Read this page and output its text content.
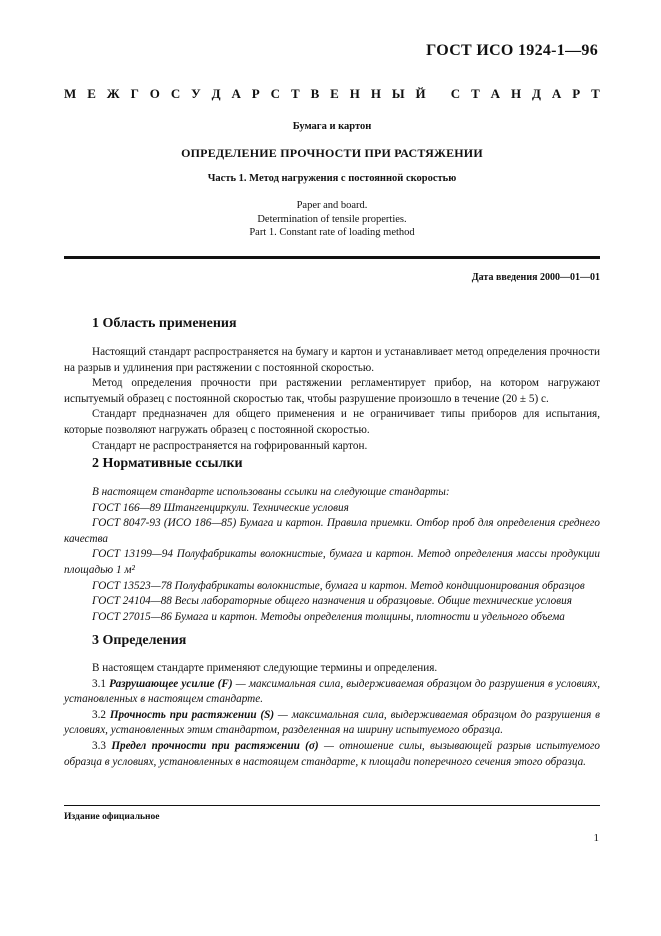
ГОСТ ИСО 1924-1—96
М Е Ж Г О С У Д А Р С Т В Е Н Н Ы Й
С Т А Н Д А Р Т
Бумага и картон
ОПРЕДЕЛЕНИЕ ПРОЧНОСТИ ПРИ РАСТЯЖЕНИИ
Часть 1. Метод нагружения с постоянной скоростью
Paper and board.
Determination of tensile properties.
Part 1. Constant rate of loading method
Дата введения 2000—01—01
1 Область применения

Настоящий стандарт распространяется на бумагу и картон и устанавливает метод определения прочности на разрыв и удлинения при растяжении с постоянной скоростью.

Метод определения прочности при растяжении регламентирует прибор, на котором нагружают испытуемый образец с постоянной скоростью так, чтобы разрушение произошло в течение (20 ± 5) с.

Стандарт предназначен для общего применения и не ограничивает типы приборов для испытания, которые позволяют нагружать образец с постоянной скоростью.

Стандарт не распространяется на гофрированный картон.

2 Нормативные ссылки

В настоящем стандарте использованы ссылки на следующие стандарты:

ГОСТ 166—89 Штангенциркули. Технические условия

ГОСТ 8047-93 (ИСО 186—85) Бумага и картон. Правила приемки. Отбор проб для определения среднего качества

ГОСТ 13199—94 Полуфабрикаты волокнистые, бумага и картон. Метод определения массы продукции площадью 1 м²

ГОСТ 13523—78 Полуфабрикаты волокнистые, бумага и картон. Метод кондиционирования образцов

ГОСТ 24104—88 Весы лабораторные общего назначения и образцовые. Общие технические условия

ГОСТ 27015—86 Бумага и картон. Методы определения толщины, плотности и удельного объема

3 Определения

В настоящем стандарте применяют следующие термины и определения.

3.1 Разрушающее усилие (F) — максимальная сила, выдерживаемая образцом до разрушения в условиях, установленных в настоящем стандарте.

3.2 Прочность при растяжении (S) — максимальная сила, выдерживаемая образцом до разрушения в условиях, установленных этим стандартом, разделенная на ширину испытуемого образца.

3.3 Предел прочности при растяжении (σ) — отношение силы, вызывающей разрыв испытуемого образца в условиях, установленных в настоящем стандарте, к площади поперечного сечения этого образца.

Издание официальное
1
